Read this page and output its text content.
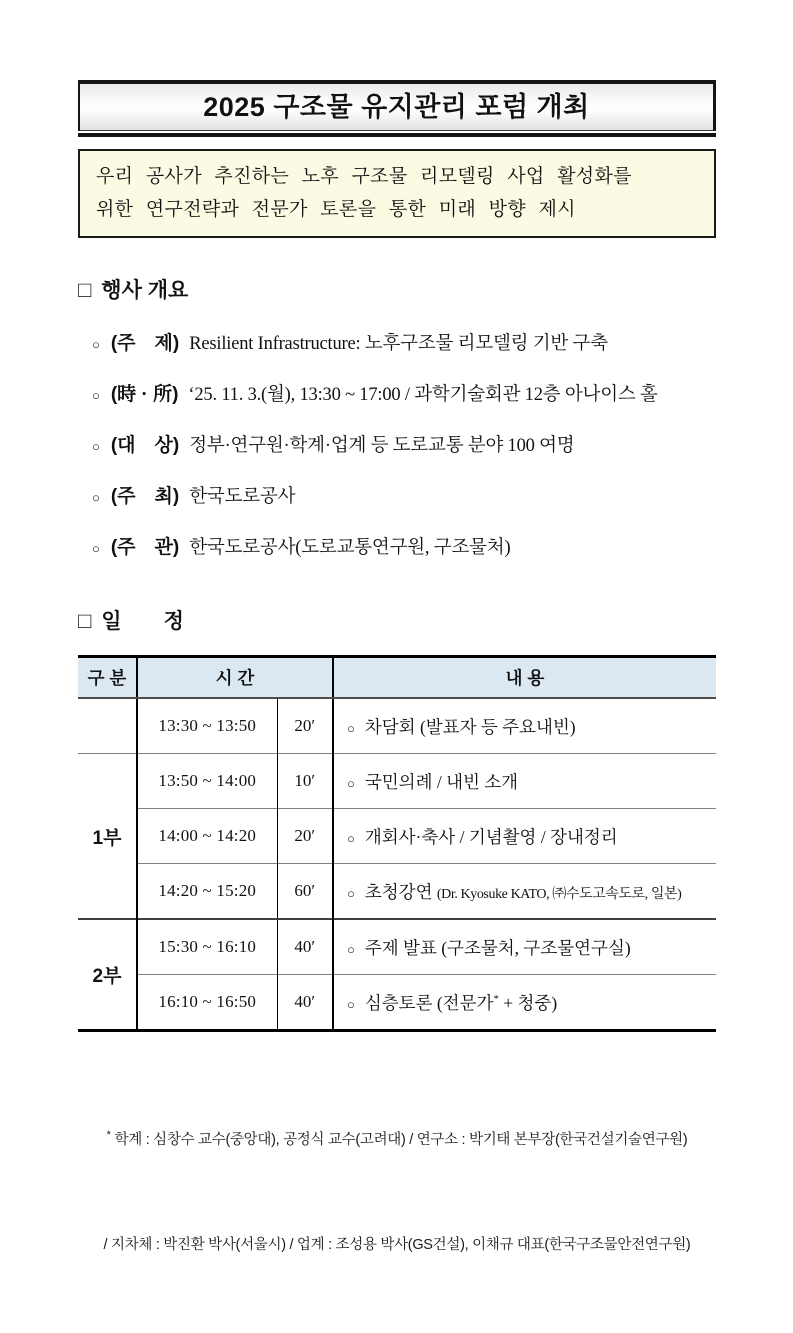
2025 구조물 유지관리 포럼 개최
우리 공사가 추진하는 노후 구조물 리모델링 사업 활성화를
위한 연구전략과 전문가 토론을 통한 미래 방향 제시
□ 행사 개요
○ (주　제) Resilient Infrastructure: 노후구조물 리모델링 기반 구축
○ (時 · 所) ‘25. 11. 3.(월), 13:30 ~ 17:00 / 과학기술회관 12층 아나이스 홀
○ (대　상) 정부·연구원·학계·업계 등 도로교통 분야 100 여명
○ (주　최) 한국도로공사
○ (주　관) 한국도로공사(도로교통연구원, 구조물처)
□ 일　　정
구 분	시 간		내 용
	13:30 ~ 13:50	20′	○ 차담회 (발표자 등 주요내빈)
1부	13:50 ~ 14:00	10′	○ 국민의례 / 내빈 소개
	14:00 ~ 14:20	20′	○ 개회사·축사 / 기념촬영 / 장내정리
	14:20 ~ 15:20	60′	○ 초청강연 (Dr. Kyosuke KATO, ㈜수도고속도로, 일본)
2부	15:30 ~ 16:10	40′	○ 주제 발표 (구조물처, 구조물연구실)
	16:10 ~ 16:50	40′	○ 심층토론 (전문가* + 청중)

* 학계 : 심창수 교수(중앙대), 공정식 교수(고려대) / 연구소 : 박기태 본부장(한국건설기술연구원)

/ 지차체 : 박진환 박사(서울시) / 업계 : 조성용 박사(GS건설), 이채규 대표(한국구조물안전연구원)
